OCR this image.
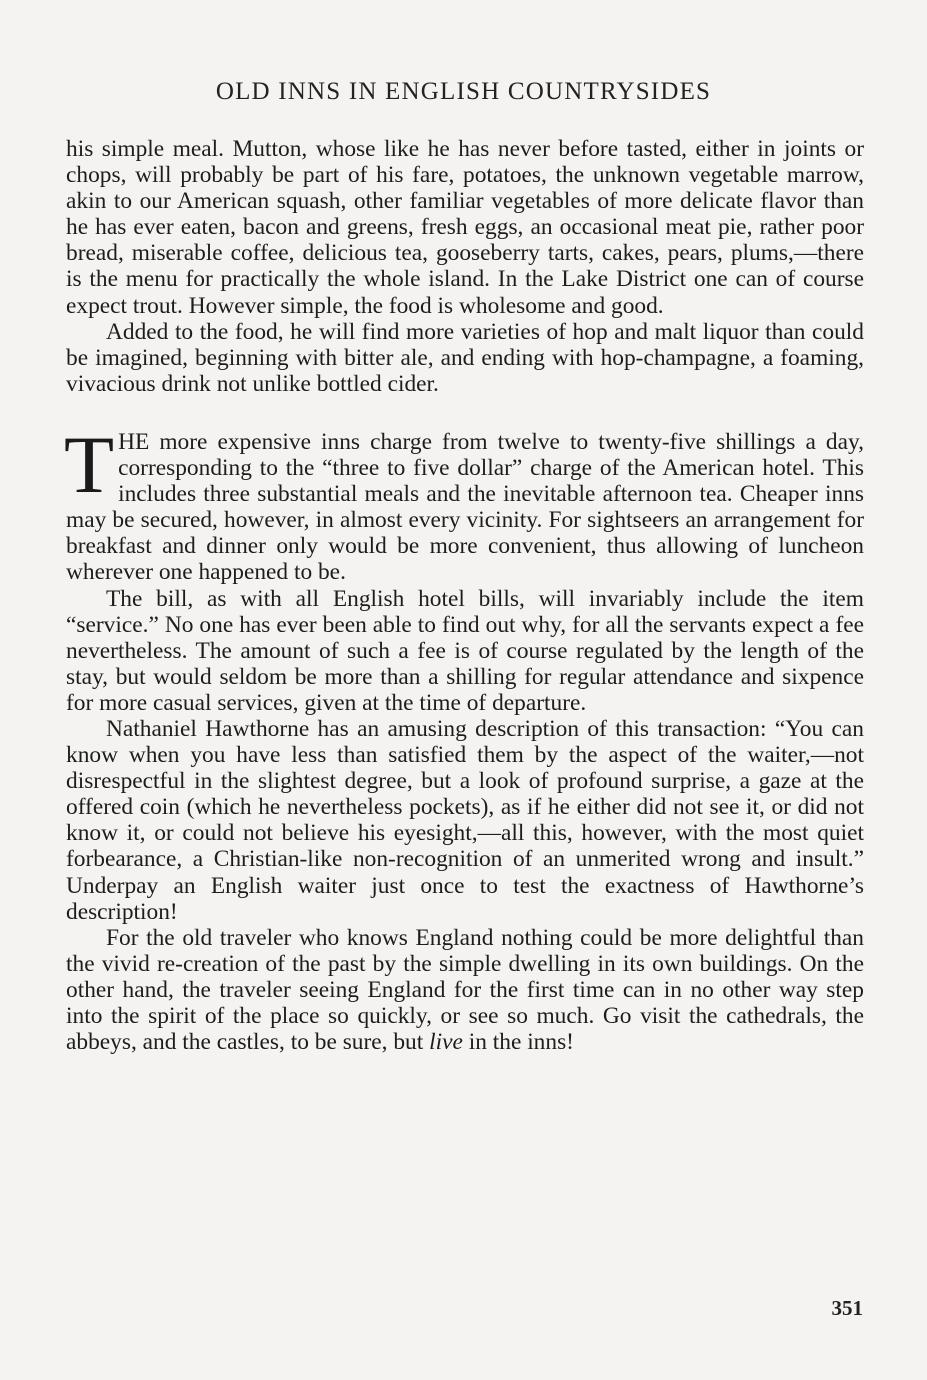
OLD INNS IN ENGLISH COUNTRYSIDES

his simple meal. Mutton, whose like he has never before tasted, either in joints or chops, will probably be part of his fare, potatoes, the unknown vegetable marrow, akin to our American squash, other familiar vegetables of more delicate flavor than he has ever eaten, bacon and greens, fresh eggs, an occasional meat pie, rather poor bread, miserable coffee, delicious tea, gooseberry tarts, cakes, pears, plums,—there is the menu for practically the whole island. In the Lake District one can of course expect trout. However simple, the food is wholesome and good.

Added to the food, he will find more varieties of hop and malt liquor than could be imagined, beginning with bitter ale, and ending with hop-champagne, a foaming, vivacious drink not unlike bottled cider.

THE more expensive inns charge from twelve to twenty-five shillings a day, corresponding to the “three to five dollar” charge of the American hotel. This includes three substantial meals and the inevitable afternoon tea. Cheaper inns may be secured, however, in almost every vicinity. For sightseers an arrangement for breakfast and dinner only would be more convenient, thus allowing of luncheon wherever one happened to be.

The bill, as with all English hotel bills, will invariably include the item “service.” No one has ever been able to find out why, for all the servants expect a fee nevertheless. The amount of such a fee is of course regulated by the length of the stay, but would seldom be more than a shilling for regular attendance and sixpence for more casual services, given at the time of departure.

Nathaniel Hawthorne has an amusing description of this transaction: “You can know when you have less than satisfied them by the aspect of the waiter,—not disrespectful in the slightest degree, but a look of profound surprise, a gaze at the offered coin (which he nevertheless pockets), as if he either did not see it, or did not know it, or could not believe his eyesight,—all this, however, with the most quiet forbearance, a Christian-like non-recognition of an unmerited wrong and insult.” Underpay an English waiter just once to test the exactness of Hawthorne’s description!

For the old traveler who knows England nothing could be more delightful than the vivid re-creation of the past by the simple dwelling in its own buildings. On the other hand, the traveler seeing England for the first time can in no other way step into the spirit of the place so quickly, or see so much. Go visit the cathedrals, the abbeys, and the castles, to be sure, but live in the inns!

351
